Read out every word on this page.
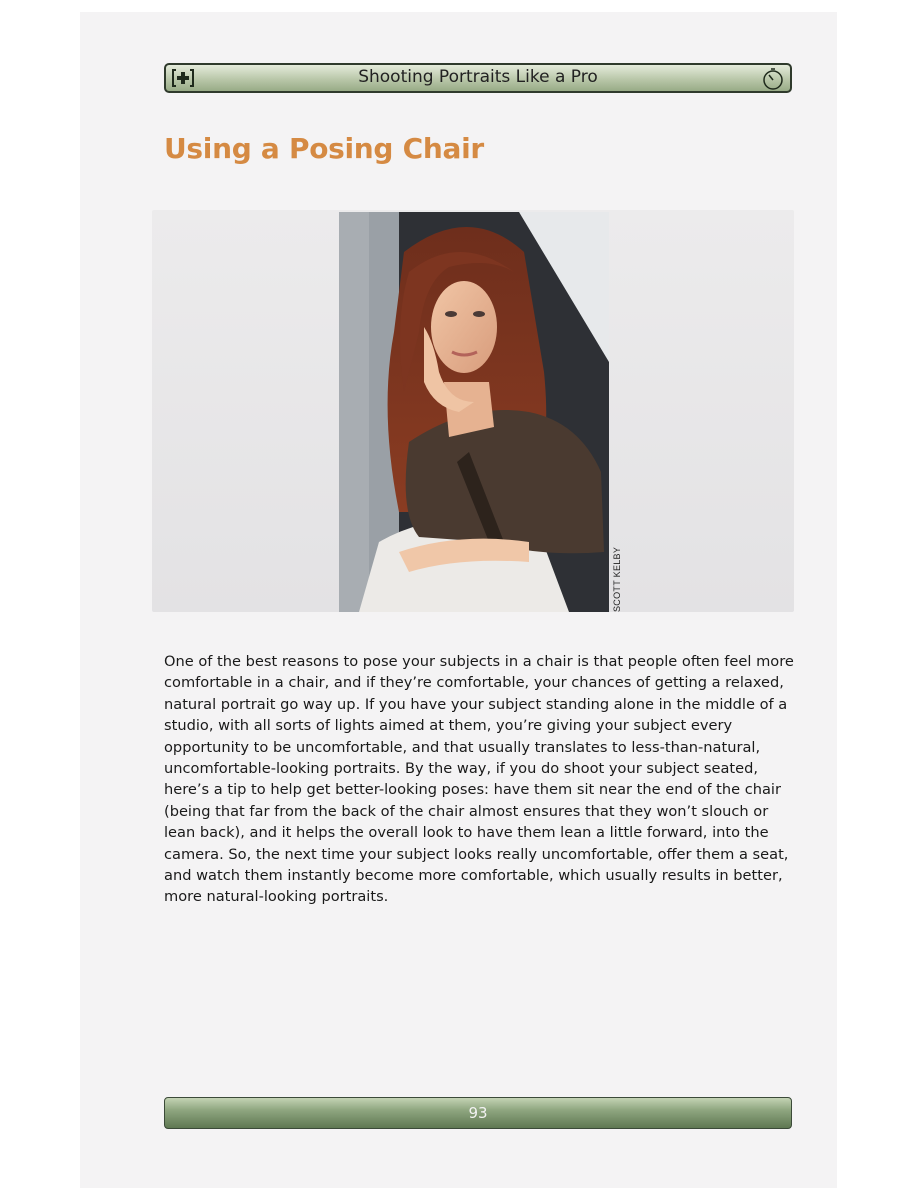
Shooting Portraits Like a Pro
Using a Posing Chair
SCOTT KELBY

One of the best reasons to pose your subjects in a chair is that people often feel more comfortable in a chair, and if they’re comfortable, your chances of getting a relaxed, natural portrait go way up. If you have your subject standing alone in the middle of a studio, with all sorts of lights aimed at them, you’re giving your subject every opportunity to be uncomfortable, and that usually translates to less-than-natural, uncomfortable-looking portraits. By the way, if you do shoot your subject seated, here’s a tip to help get better-looking poses: have them sit near the end of the chair (being that far from the back of the chair almost ensures that they won’t slouch or lean back), and it helps the overall look to have them lean a little forward, into the camera. So, the next time your subject looks really uncomfortable, offer them a seat, and watch them instantly become more comfortable, which usually results in better, more natural-looking portraits.

93
